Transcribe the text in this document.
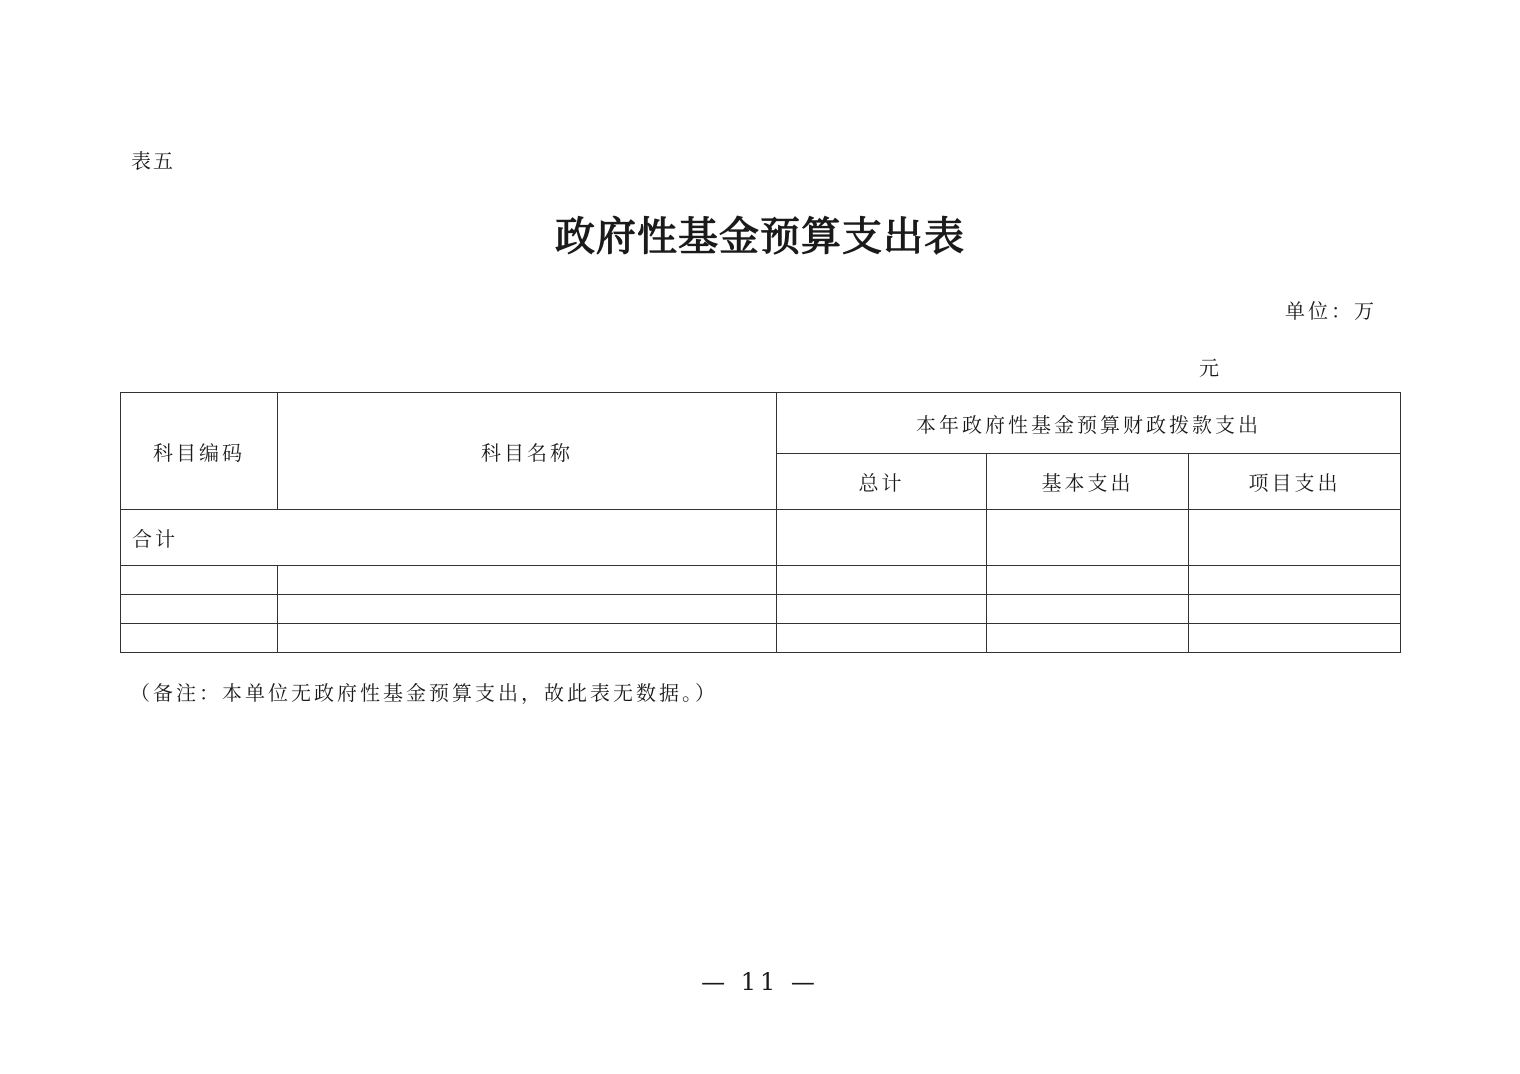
表五
政府性基金预算支出表
单位：万
元
科目编码	科目名称	本年政府性基金预算财政拨款支出		
		总计	基本支出	项目支出
合计				

（备注：本单位无政府性基金预算支出，故此表无数据。）
— 11 —
